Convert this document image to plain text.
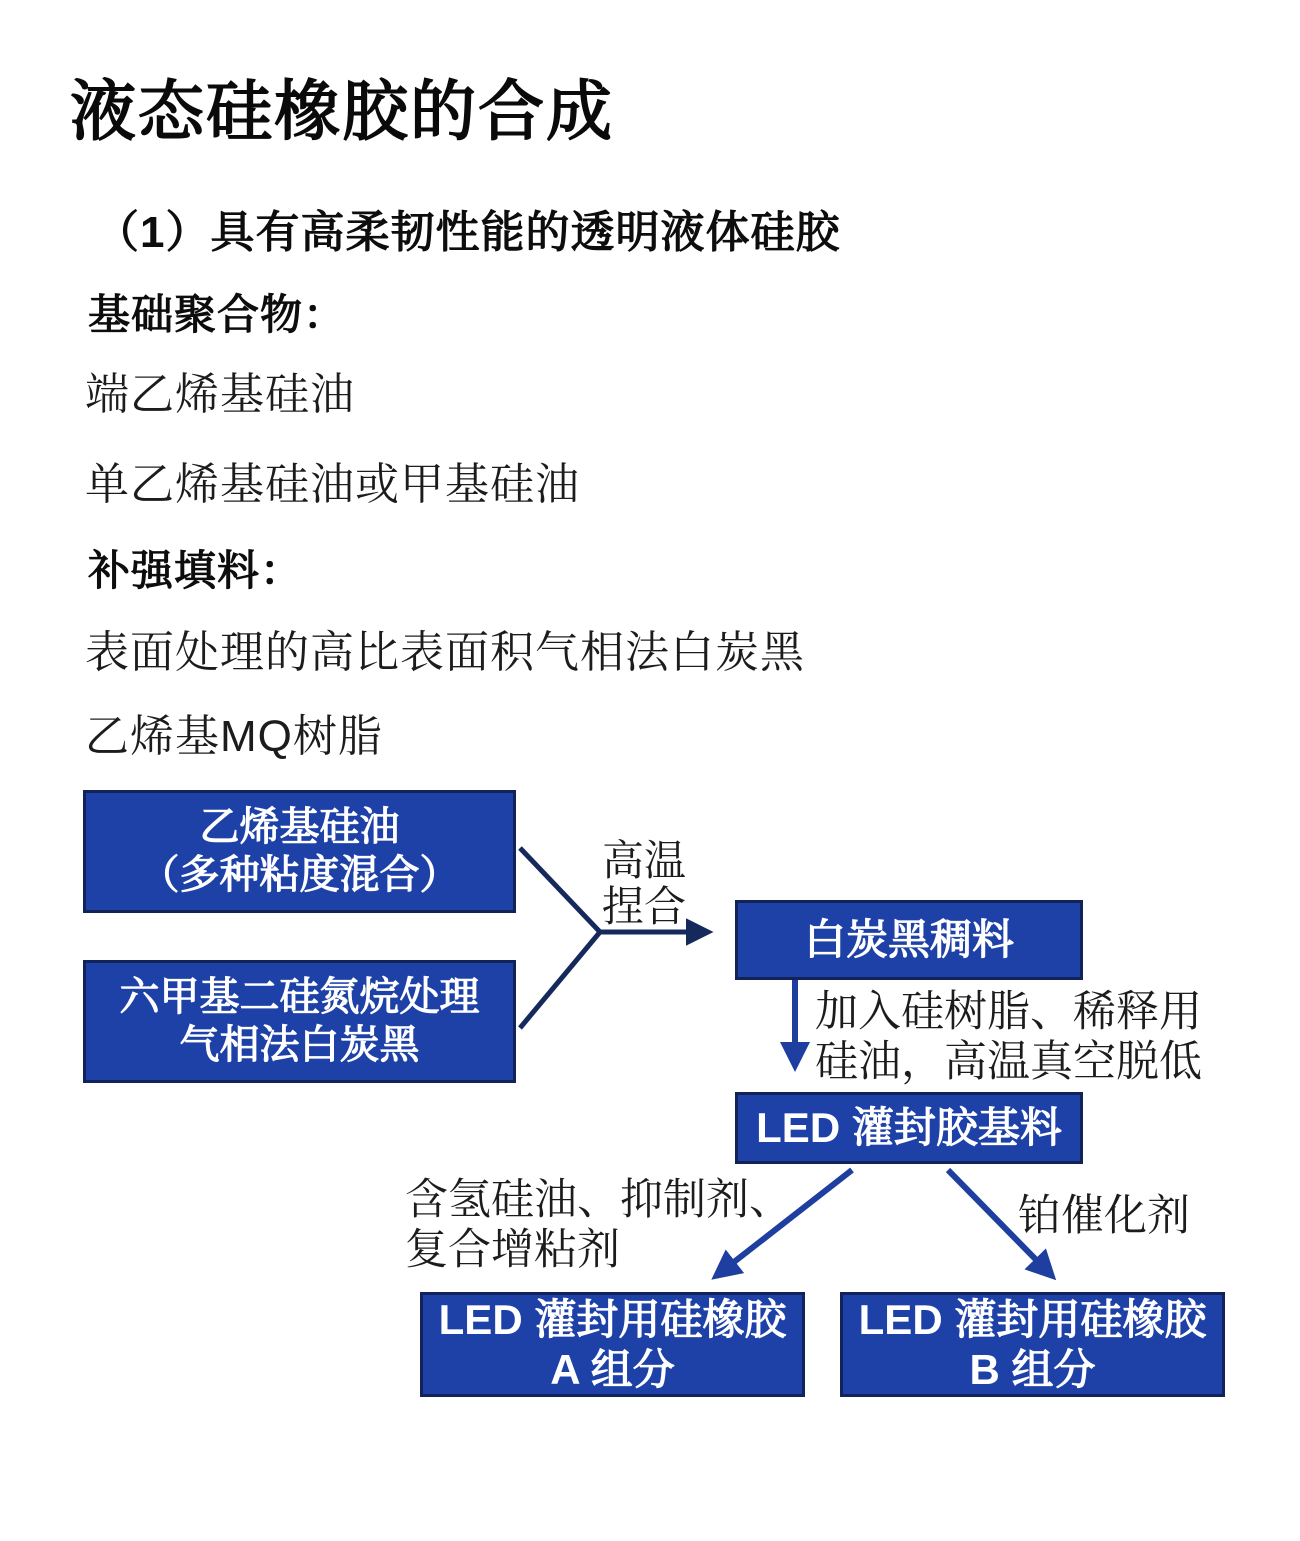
液态硅橡胶的合成
（1）具有高柔韧性能的透明液体硅胶
基础聚合物：
端乙烯基硅油
单乙烯基硅油或甲基硅油
补强填料：
表面处理的高比表面积气相法白炭黑
乙烯基MQ树脂
乙烯基硅油
（多种粘度混合）
六甲基二硅氮烷处理
气相法白炭黑
高温
捏合
白炭黑稠料
加入硅树脂、稀释用
硅油，高温真空脱低
LED 灌封胶基料
含氢硅油、抑制剂、
复合增粘剂
铂催化剂
LED 灌封用硅橡胶
A 组分
LED 灌封用硅橡胶
B 组分
